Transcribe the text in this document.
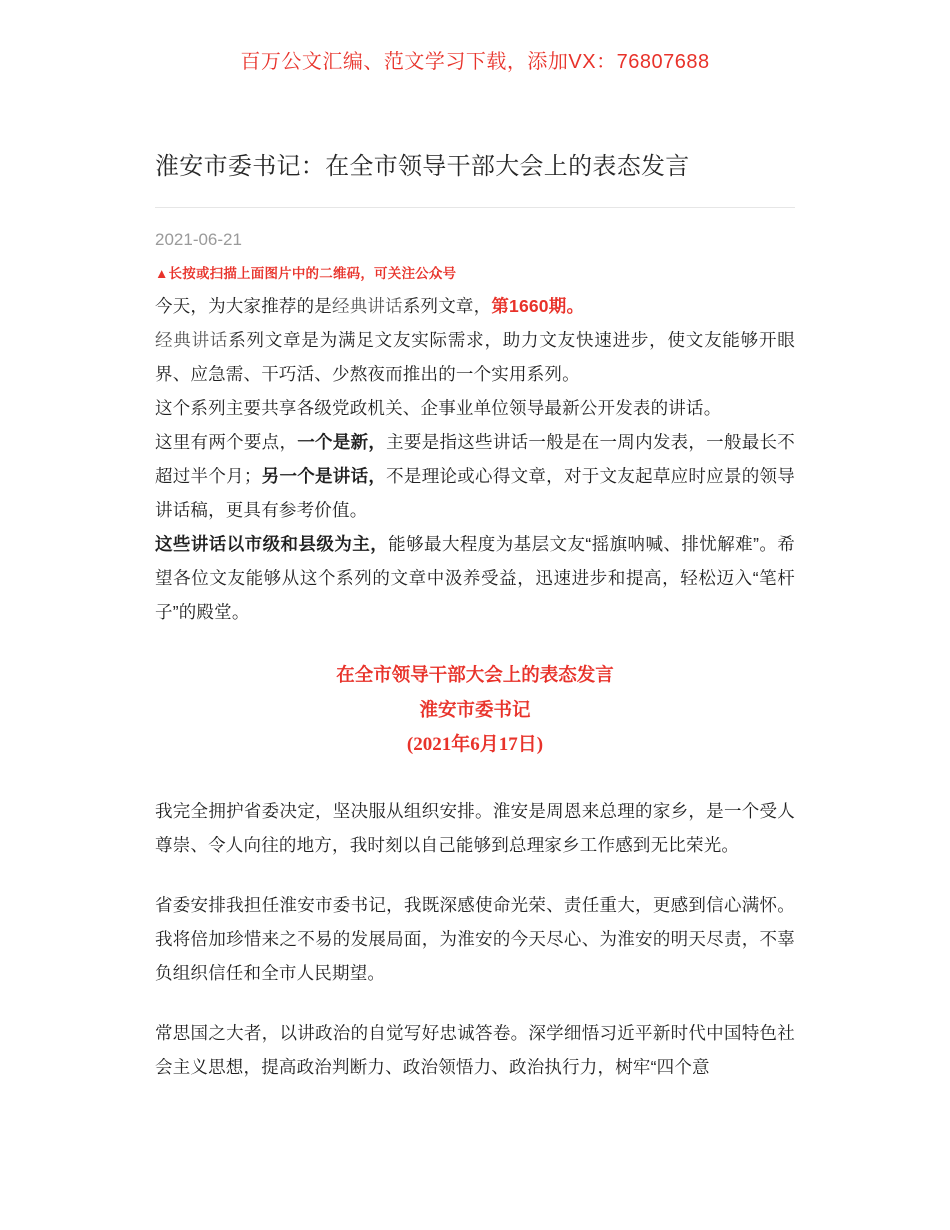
百万公文汇编、范文学习下载，添加VX：76807688
淮安市委书记：在全市领导干部大会上的表态发言
2021-06-21
▲长按或扫描上面图片中的二维码，可关注公众号

今天，为大家推荐的是经典讲话系列文章，第1660期。

经典讲话系列文章是为满足文友实际需求，助力文友快速进步，使文友能够开眼界、应急需、干巧活、少熬夜而推出的一个实用系列。

这个系列主要共享各级党政机关、企事业单位领导最新公开发表的讲话。

这里有两个要点，一个是新，主要是指这些讲话一般是在一周内发表，一般最长不超过半个月；另一个是讲话，不是理论或心得文章，对于文友起草应时应景的领导讲话稿，更具有参考价值。

这些讲话以市级和县级为主，能够最大程度为基层文友“摇旗呐喊、排忧解难”。希望各位文友能够从这个系列的文章中汲养受益，迅速进步和提高，轻松迈入“笔杆子”的殿堂。

在全市领导干部大会上的表态发言
淮安市委书记
(2021年6月17日)

我完全拥护省委决定，坚决服从组织安排。淮安是周恩来总理的家乡，是一个受人尊崇、令人向往的地方，我时刻以自己能够到总理家乡工作感到无比荣光。

省委安排我担任淮安市委书记，我既深感使命光荣、责任重大，更感到信心满怀。我将倍加珍惜来之不易的发展局面，为淮安的今天尽心、为淮安的明天尽责，不辜负组织信任和全市人民期望。

常思国之大者，以讲政治的自觉写好忠诚答卷。深学细悟习近平新时代中国特色社会主义思想，提高政治判断力、政治领悟力、政治执行力，树牢“四个意
